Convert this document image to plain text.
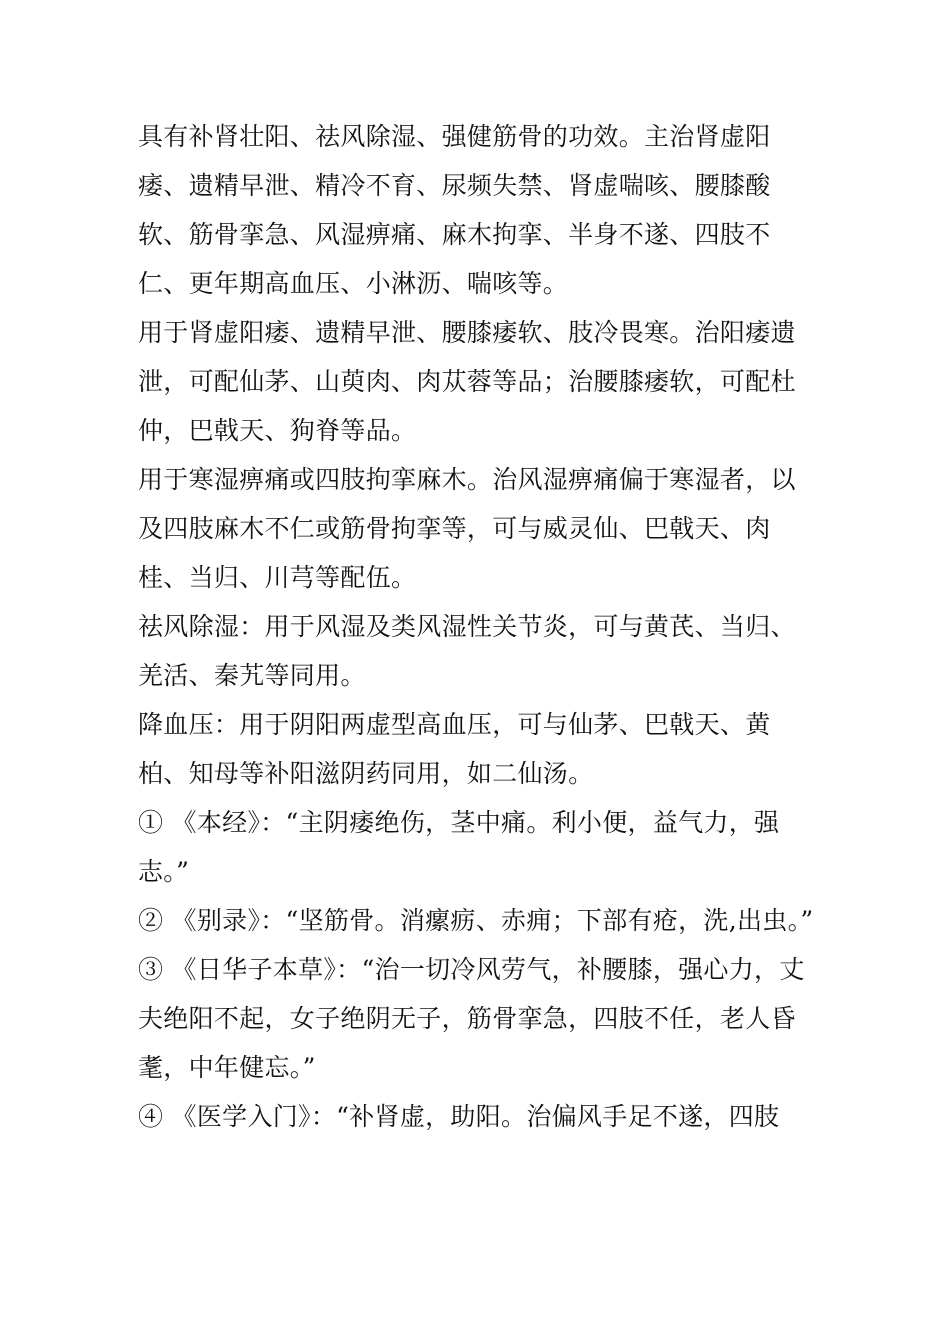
具有补肾壮阳、祛风除湿、强健筋骨的功效。主治肾虚阳痿、遗精早泄、精冷不育、尿频失禁、肾虚喘咳、腰膝酸软、筋骨挛急、风湿痹痛、麻木拘挛、半身不遂、四肢不仁、更年期高血压、小淋沥、喘咳等。

用于肾虚阳痿、遗精早泄、腰膝痿软、肢冷畏寒。治阳痿遗泄，可配仙茅、山萸肉、肉苁蓉等品；治腰膝痿软，可配杜仲，巴戟天、狗脊等品。

用于寒湿痹痛或四肢拘挛麻木。治风湿痹痛偏于寒湿者，以及四肢麻木不仁或筋骨拘挛等，可与威灵仙、巴戟天、肉桂、当归、川芎等配伍。

祛风除湿：用于风湿及类风湿性关节炎，可与黄芪、当归、羌活、秦艽等同用。

降血压：用于阴阳两虚型高血压，可与仙茅、巴戟天、黄柏、知母等补阳滋阴药同用，如二仙汤。

① 《本经》：“主阴痿绝伤，茎中痛。利小便，益气力，强志。”

② 《别录》：“坚筋骨。消瘰疬、赤痈；下部有疮，洗,出虫。”

③ 《日华子本草》：“治一切冷风劳气，补腰膝，强心力，丈夫绝阳不起，女子绝阴无子，筋骨挛急，四肢不任，老人昏耄，中年健忘。”

④ 《医学入门》：“补肾虚，助阳。治偏风手足不遂，四肢
